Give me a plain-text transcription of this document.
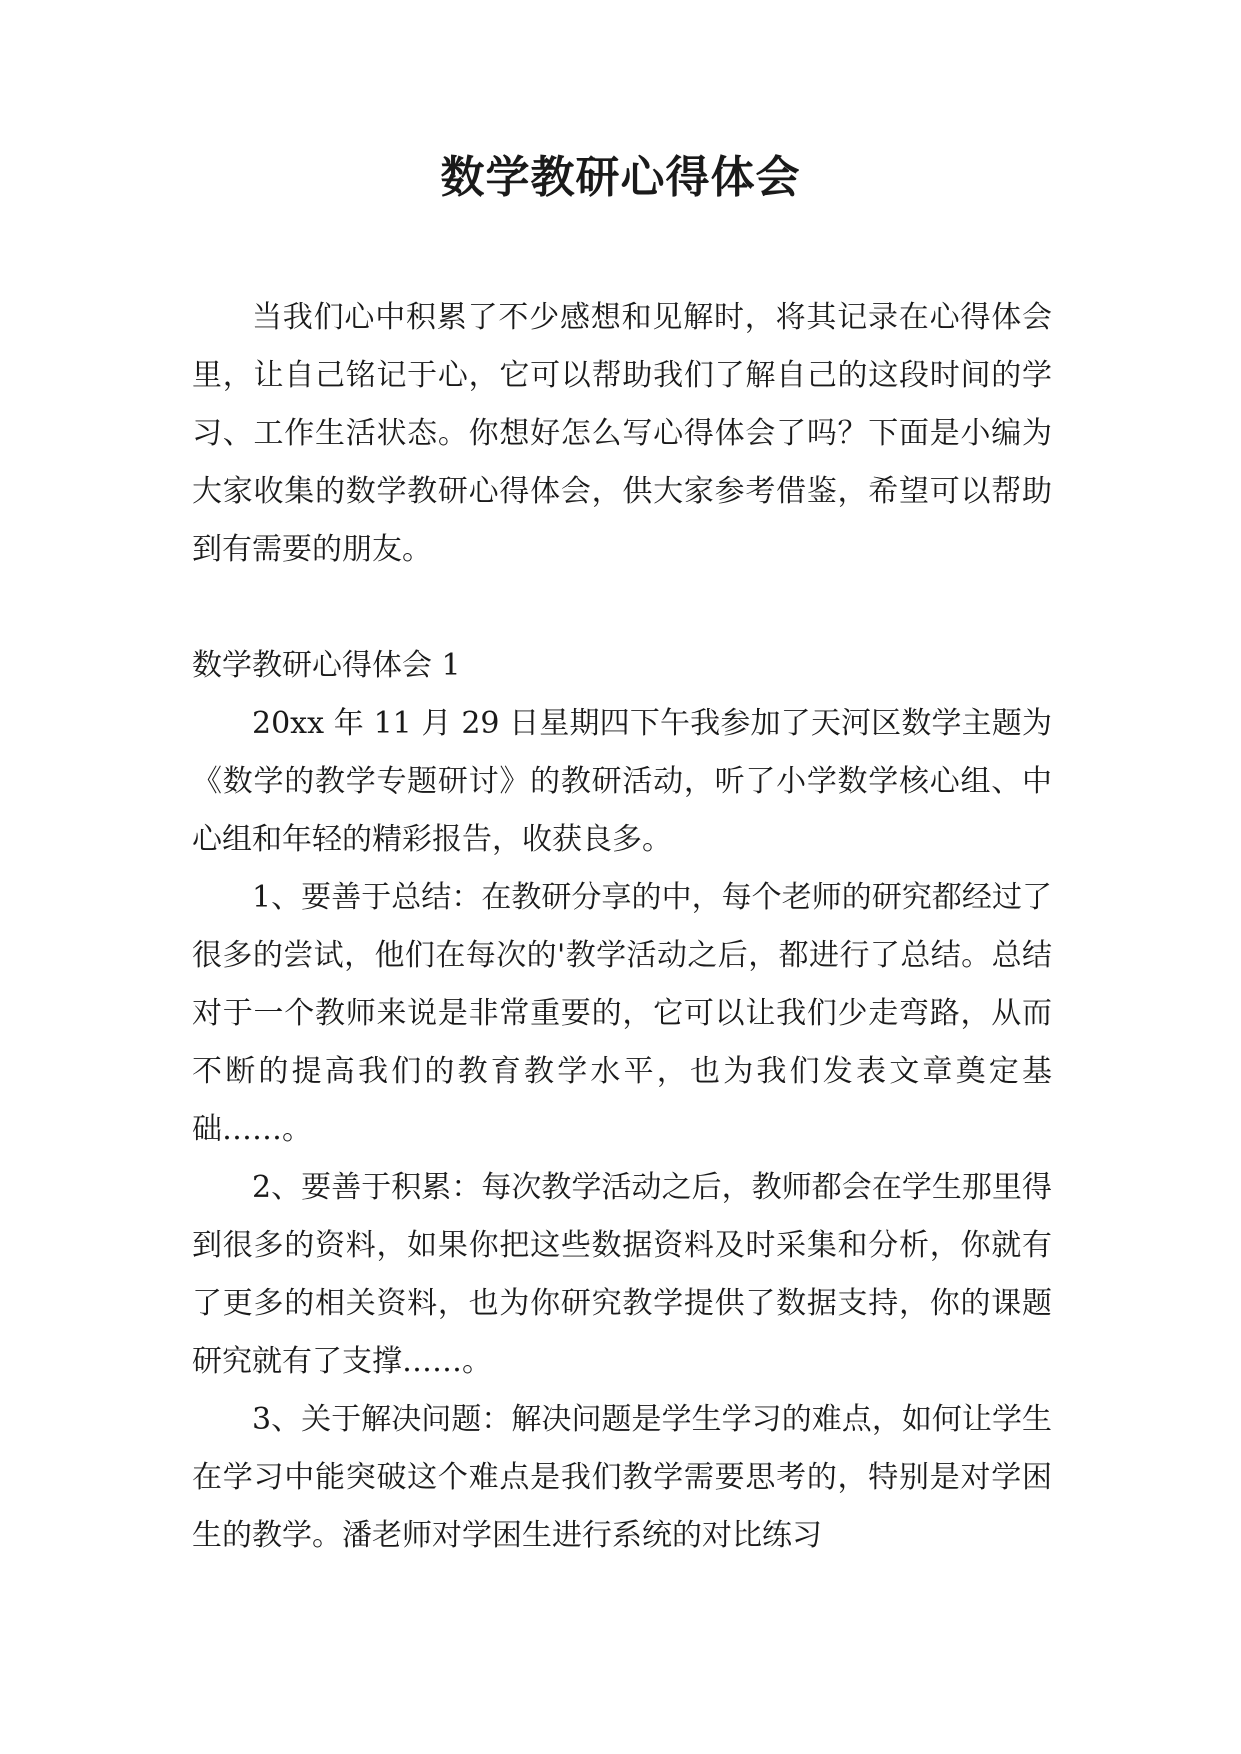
数学教研心得体会

当我们心中积累了不少感想和见解时，将其记录在心得体会里，让自己铭记于心，它可以帮助我们了解自己的这段时间的学习、工作生活状态。你想好怎么写心得体会了吗？下面是小编为大家收集的数学教研心得体会，供大家参考借鉴，希望可以帮助到有需要的朋友。

数学教研心得体会 1

20xx 年 11 月 29 日星期四下午我参加了天河区数学主题为《数学的教学专题研讨》的教研活动，听了小学数学核心组、中心组和年轻的精彩报告，收获良多。

1、要善于总结：在教研分享的中，每个老师的研究都经过了很多的尝试，他们在每次的'教学活动之后，都进行了总结。总结对于一个教师来说是非常重要的，它可以让我们少走弯路，从而不断的提高我们的教育教学水平，也为我们发表文章奠定基础……。

2、要善于积累：每次教学活动之后，教师都会在学生那里得到很多的资料，如果你把这些数据资料及时采集和分析，你就有了更多的相关资料，也为你研究教学提供了数据支持，你的课题研究就有了支撑……。

3、关于解决问题：解决问题是学生学习的难点，如何让学生在学习中能突破这个难点是我们教学需要思考的，特别是对学困生的教学。潘老师对学困生进行系统的对比练习
